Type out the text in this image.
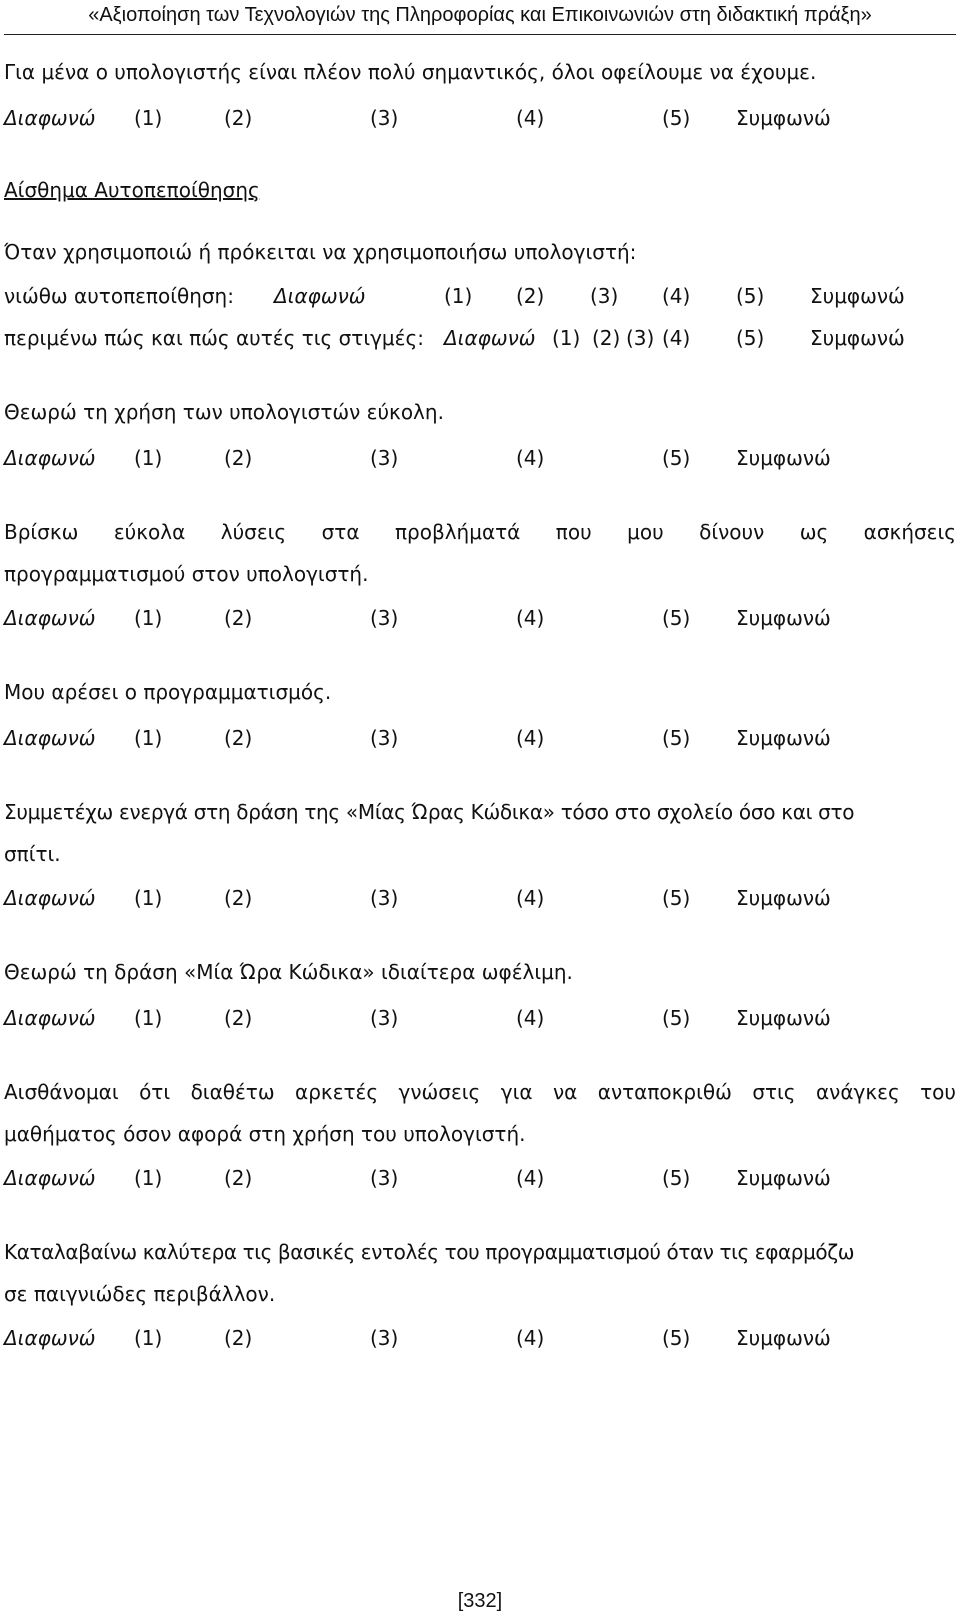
«Αξιοποίηση των Τεχνολογιών της Πληροφορίας και Επικοινωνιών στη διδακτική πράξη»
Για μένα ο υπολογιστής είναι πλέον πολύ σημαντικός, όλοι οφείλουμε να έχουμε.
Διαφωνώ (1)	(2)	(3)	(4)	(5) Συμφωνώ
Αίσθημα Αυτοπεποίθησης
Όταν χρησιμοποιώ ή πρόκειται να χρησιμοποιήσω υπολογιστή:
νιώθω αυτοπεποίθηση: Διαφωνώ	(1) (2) (3) (4) (5) Συμφωνώ
περιμένω πώς και πώς αυτές τις στιγμές: Διαφωνώ (1) (2) (3) (4) (5) Συμφωνώ
Θεωρώ τη χρήση των υπολογιστών εύκολη.
Διαφωνώ (1)	(2)	(3)	(4)	(5) Συμφωνώ
Βρίσκω εύκολα λύσεις στα προβλήματά που μου δίνουν ως ασκήσεις
προγραμματισμού στον υπολογιστή.
Διαφωνώ (1)	(2)	(3)	(4)	(5) Συμφωνώ
Μου αρέσει ο προγραμματισμός.
Διαφωνώ (1)	(2)	(3)	(4)	(5) Συμφωνώ
Συμμετέχω ενεργά στη δράση της «Μίας Ώρας Κώδικα» τόσο στο σχολείο όσο και στο
σπίτι.
Διαφωνώ (1)	(2)	(3)	(4)	(5) Συμφωνώ
Θεωρώ τη δράση «Μία Ώρα Κώδικα» ιδιαίτερα ωφέλιμη.
Διαφωνώ (1)	(2)	(3)	(4)	(5) Συμφωνώ
Αισθάνομαι ότι διαθέτω αρκετές γνώσεις για να ανταποκριθώ στις ανάγκες του
μαθήματος όσον αφορά στη χρήση του υπολογιστή.
Διαφωνώ (1)	(2)	(3)	(4)	(5) Συμφωνώ
Καταλαβαίνω καλύτερα τις βασικές εντολές του προγραμματισμού όταν τις εφαρμόζω
σε παιγνιώδες περιβάλλον.
Διαφωνώ (1)	(2)	(3)	(4)	(5) Συμφωνώ
[332]
